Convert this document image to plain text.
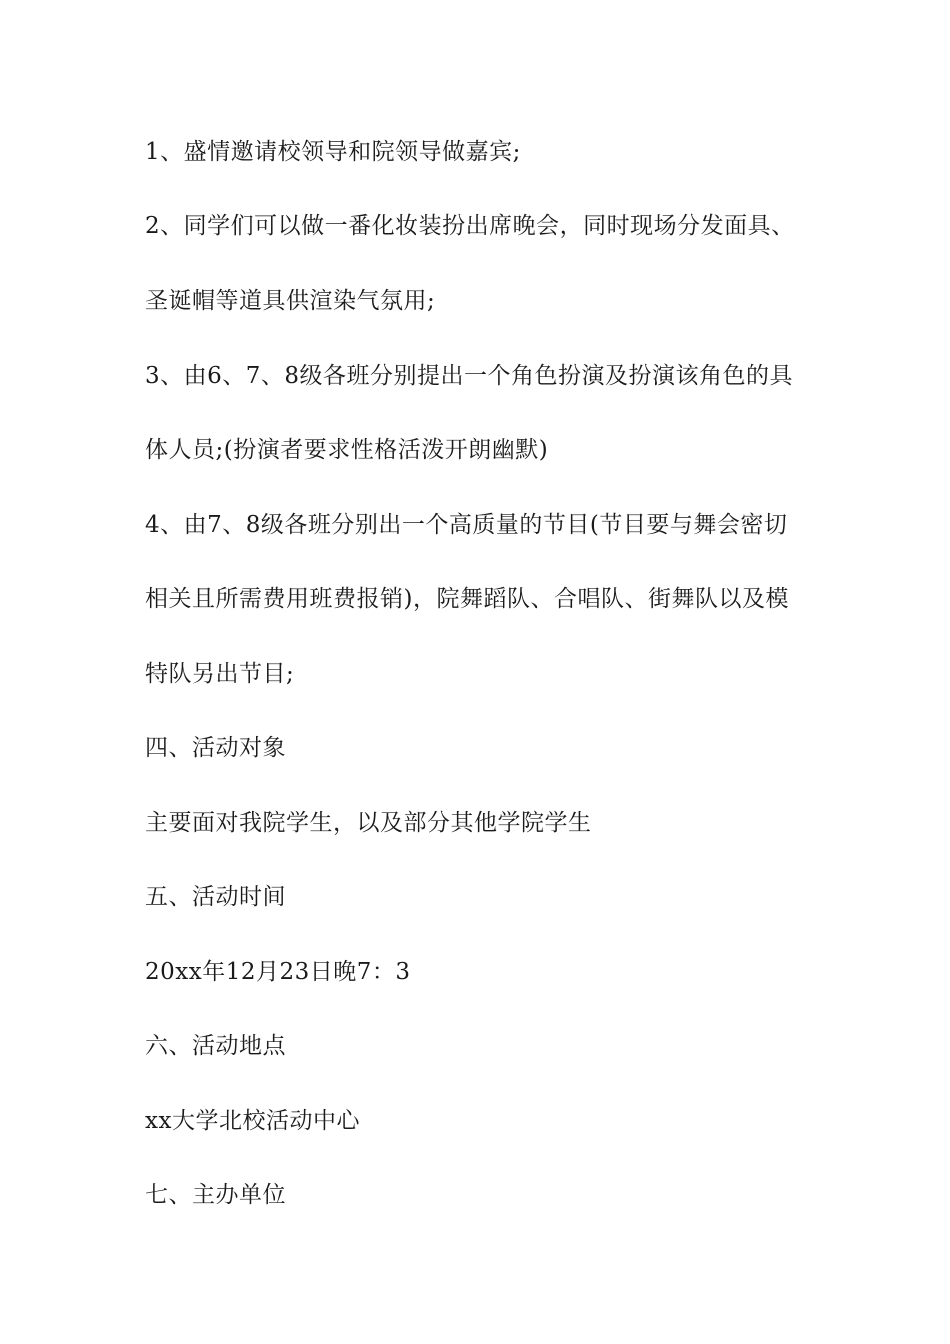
1、盛情邀请校领导和院领导做嘉宾;
2、同学们可以做一番化妆装扮出席晚会，同时现场分发面具、
圣诞帽等道具供渲染气氛用;
3、由6、7、8级各班分别提出一个角色扮演及扮演该角色的具
体人员;(扮演者要求性格活泼开朗幽默)
4、由7、8级各班分别出一个高质量的节目(节目要与舞会密切
相关且所需费用班费报销)，院舞蹈队、合唱队、街舞队以及模
特队另出节目;
四、活动对象
主要面对我院学生，以及部分其他学院学生
五、活动时间
20xx年12月23日晚7：3
六、活动地点
xx大学北校活动中心
七、主办单位
